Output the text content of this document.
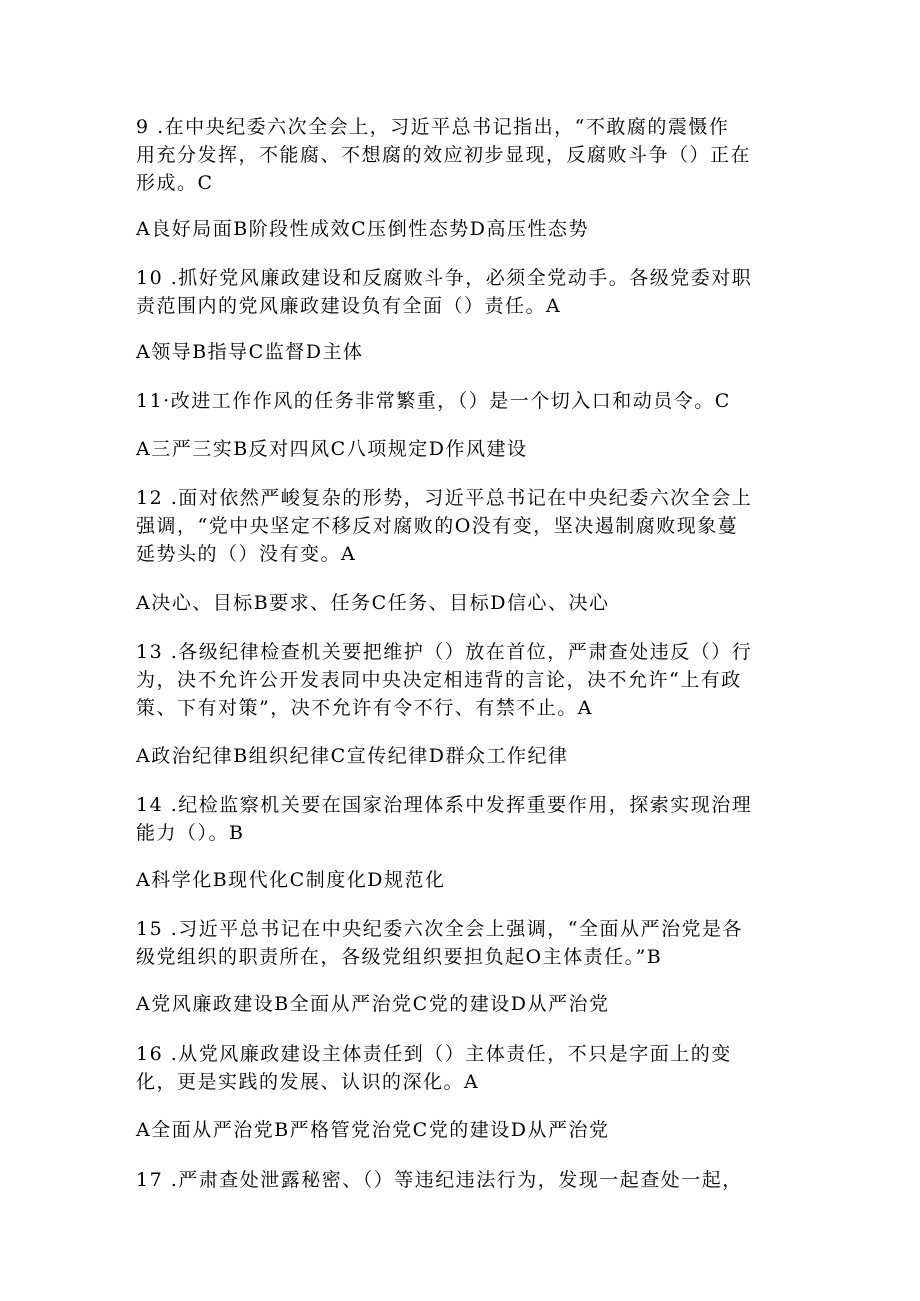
9 .在中央纪委六次全会上，习近平总书记指出，“不敢腐的震慑作
用充分发挥，不能腐、不想腐的效应初步显现，反腐败斗争（）正在
形成。C
A良好局面B阶段性成效C压倒性态势D高压性态势
10 .抓好党风廉政建设和反腐败斗争，必须全党动手。各级党委对职
责范围内的党风廉政建设负有全面（）责任。A
A领导B指导C监督D主体
11·改进工作作风的任务非常繁重，（）是一个切入口和动员令。C
A三严三实B反对四风C八项规定D作风建设
12 .面对依然严峻复杂的形势，习近平总书记在中央纪委六次全会上
强调，“党中央坚定不移反对腐败的O没有变，坚决遏制腐败现象蔓
延势头的（）没有变。A
A决心、目标B要求、任务C任务、目标D信心、决心
13 .各级纪律检查机关要把维护（）放在首位，严肃查处违反（）行
为，决不允许公开发表同中央决定相违背的言论，决不允许“上有政
策、下有对策”，决不允许有令不行、有禁不止。A
A政治纪律B组织纪律C宣传纪律D群众工作纪律
14 .纪检监察机关要在国家治理体系中发挥重要作用，探索实现治理
能力（）。B
A科学化B现代化C制度化D规范化
15 .习近平总书记在中央纪委六次全会上强调，“全面从严治党是各
级党组织的职责所在，各级党组织要担负起O主体责任。”B
A党风廉政建设B全面从严治党C党的建设D从严治党
16 .从党风廉政建设主体责任到（）主体责任，不只是字面上的变
化，更是实践的发展、认识的深化。A
A全面从严治党B严格管党治党C党的建设D从严治党
17 .严肃查处泄露秘密、（）等违纪违法行为，发现一起查处一起，
